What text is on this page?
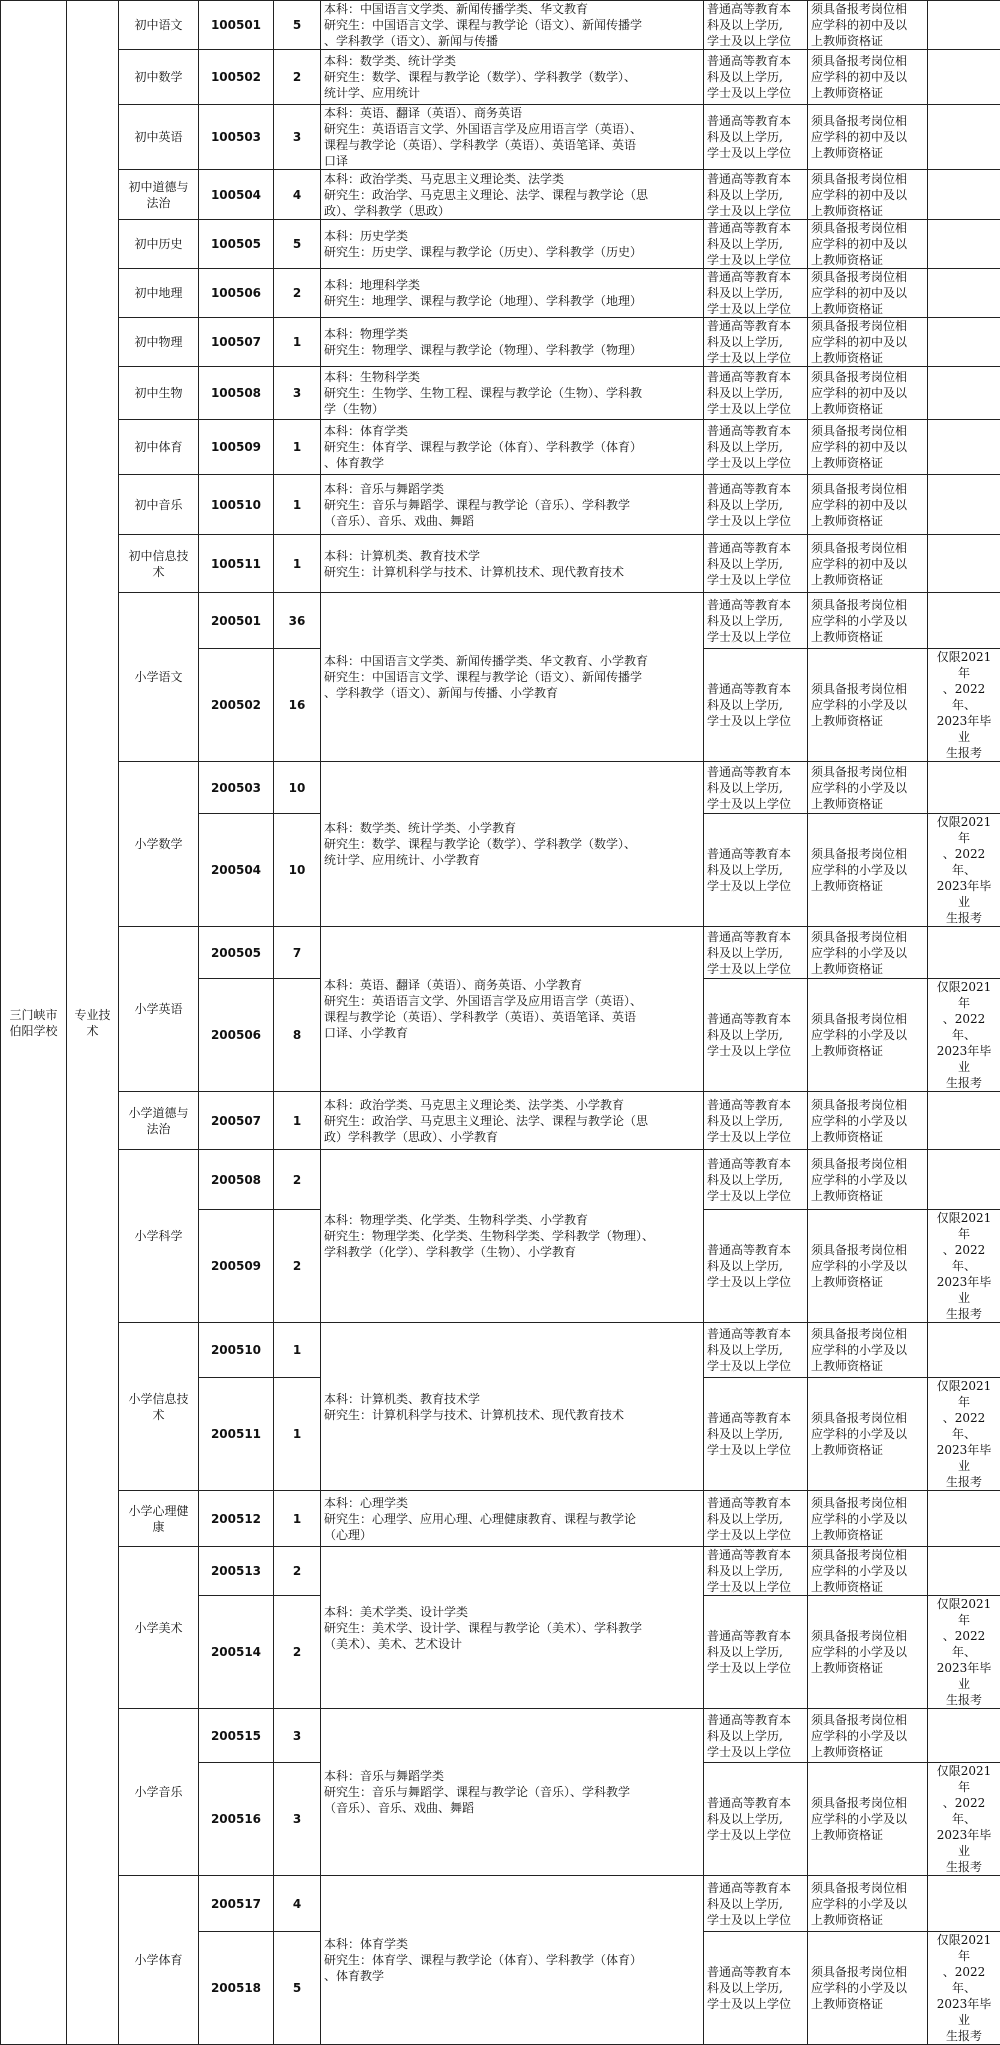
三门峡市
伯阳学校	专业技
术	初中语文	100501	5	本科：中国语言文学类、新闻传播学类、华文教育
研究生：中国语言文学、课程与教学论（语文）、新闻传播学
、学科教学（语文）、新闻与传播	普通高等教育本
科及以上学历,
学士及以上学位	须具备报考岗位相
应学科的初中及以
上教师资格证	
		初中数学	100502	2	本科：数学类、统计学类
研究生：数学、课程与教学论（数学）、学科教学（数学）、
统计学、应用统计	普通高等教育本
科及以上学历,
学士及以上学位	须具备报考岗位相
应学科的初中及以
上教师资格证	
		初中英语	100503	3	本科：英语、翻译（英语）、商务英语
研究生：英语语言文学、外国语言学及应用语言学（英语）、
课程与教学论（英语）、学科教学（英语）、英语笔译、英语
口译	普通高等教育本
科及以上学历,
学士及以上学位	须具备报考岗位相
应学科的初中及以
上教师资格证	
		初中道德与
法治	100504	4	本科：政治学类、马克思主义理论类、法学类
研究生：政治学、马克思主义理论、法学、课程与教学论（思
政）、学科教学（思政）	普通高等教育本
科及以上学历,
学士及以上学位	须具备报考岗位相
应学科的初中及以
上教师资格证	
		初中历史	100505	5	本科：历史学类
研究生：历史学、课程与教学论（历史）、学科教学（历史）	普通高等教育本
科及以上学历,
学士及以上学位	须具备报考岗位相
应学科的初中及以
上教师资格证	
		初中地理	100506	2	本科：地理科学类
研究生：地理学、课程与教学论（地理）、学科教学（地理）	普通高等教育本
科及以上学历,
学士及以上学位	须具备报考岗位相
应学科的初中及以
上教师资格证	
		初中物理	100507	1	本科：物理学类
研究生：物理学、课程与教学论（物理）、学科教学（物理）	普通高等教育本
科及以上学历,
学士及以上学位	须具备报考岗位相
应学科的初中及以
上教师资格证	
		初中生物	100508	3	本科：生物科学类
研究生：生物学、生物工程、课程与教学论（生物）、学科教
学（生物）	普通高等教育本
科及以上学历,
学士及以上学位	须具备报考岗位相
应学科的初中及以
上教师资格证	
		初中体育	100509	1	本科：体育学类
研究生：体育学、课程与教学论（体育）、学科教学（体育）
、体育教学	普通高等教育本
科及以上学历,
学士及以上学位	须具备报考岗位相
应学科的初中及以
上教师资格证	
		初中音乐	100510	1	本科：音乐与舞蹈学类
研究生：音乐与舞蹈学、课程与教学论（音乐）、学科教学
（音乐）、音乐、戏曲、舞蹈	普通高等教育本
科及以上学历,
学士及以上学位	须具备报考岗位相
应学科的初中及以
上教师资格证	
		初中信息技
术	100511	1	本科：计算机类、教育技术学
研究生：计算机科学与技术、计算机技术、现代教育技术	普通高等教育本
科及以上学历,
学士及以上学位	须具备报考岗位相
应学科的初中及以
上教师资格证	
		小学语文	200501	36	本科：中国语言文学类、新闻传播学类、华文教育、小学教育
研究生：中国语言文学、课程与教学论（语文）、新闻传播学
、学科教学（语文）、新闻与传播、小学教育	普通高等教育本
科及以上学历,
学士及以上学位	须具备报考岗位相
应学科的小学及以
上教师资格证	
			200502	16		普通高等教育本
科及以上学历,
学士及以上学位	须具备报考岗位相
应学科的小学及以
上教师资格证	仅限2021年
、2022年、
2023年毕业
生报考
		小学数学	200503	10	本科：数学类、统计学类、小学教育
研究生：数学、课程与教学论（数学）、学科教学（数学）、
统计学、应用统计、小学教育	普通高等教育本
科及以上学历,
学士及以上学位	须具备报考岗位相
应学科的小学及以
上教师资格证	
			200504	10		普通高等教育本
科及以上学历,
学士及以上学位	须具备报考岗位相
应学科的小学及以
上教师资格证	仅限2021年
、2022年、
2023年毕业
生报考
		小学英语	200505	7	本科：英语、翻译（英语）、商务英语、小学教育
研究生：英语语言文学、外国语言学及应用语言学（英语）、
课程与教学论（英语）、学科教学（英语）、英语笔译、英语
口译、小学教育	普通高等教育本
科及以上学历,
学士及以上学位	须具备报考岗位相
应学科的小学及以
上教师资格证	
			200506	8		普通高等教育本
科及以上学历,
学士及以上学位	须具备报考岗位相
应学科的小学及以
上教师资格证	仅限2021年
、2022年、
2023年毕业
生报考
		小学道德与
法治	200507	1	本科：政治学类、马克思主义理论类、法学类、小学教育
研究生：政治学、马克思主义理论、法学、课程与教学论（思
政）学科教学（思政）、小学教育	普通高等教育本
科及以上学历,
学士及以上学位	须具备报考岗位相
应学科的小学及以
上教师资格证	
		小学科学	200508	2	本科：物理学类、化学类、生物科学类、小学教育
研究生：物理学类、化学类、生物科学类、学科教学（物理）、
学科教学（化学）、学科教学（生物）、小学教育	普通高等教育本
科及以上学历,
学士及以上学位	须具备报考岗位相
应学科的小学及以
上教师资格证	
			200509	2		普通高等教育本
科及以上学历,
学士及以上学位	须具备报考岗位相
应学科的小学及以
上教师资格证	仅限2021年
、2022年、
2023年毕业
生报考
		小学信息技
术	200510	1	本科：计算机类、教育技术学
研究生：计算机科学与技术、计算机技术、现代教育技术	普通高等教育本
科及以上学历,
学士及以上学位	须具备报考岗位相
应学科的小学及以
上教师资格证	
			200511	1		普通高等教育本
科及以上学历,
学士及以上学位	须具备报考岗位相
应学科的小学及以
上教师资格证	仅限2021年
、2022年、
2023年毕业
生报考
		小学心理健
康	200512	1	本科：心理学类
研究生：心理学、应用心理、心理健康教育、课程与教学论
（心理）	普通高等教育本
科及以上学历,
学士及以上学位	须具备报考岗位相
应学科的小学及以
上教师资格证	
		小学美术	200513	2	本科：美术学类、设计学类
研究生：美术学、设计学、课程与教学论（美术）、学科教学
（美术）、美术、艺术设计	普通高等教育本
科及以上学历,
学士及以上学位	须具备报考岗位相
应学科的小学及以
上教师资格证	
			200514	2		普通高等教育本
科及以上学历,
学士及以上学位	须具备报考岗位相
应学科的小学及以
上教师资格证	仅限2021年
、2022年、
2023年毕业
生报考
		小学音乐	200515	3	本科：音乐与舞蹈学类
研究生：音乐与舞蹈学、课程与教学论（音乐）、学科教学
（音乐）、音乐、戏曲、舞蹈	普通高等教育本
科及以上学历,
学士及以上学位	须具备报考岗位相
应学科的小学及以
上教师资格证	
			200516	3		普通高等教育本
科及以上学历,
学士及以上学位	须具备报考岗位相
应学科的小学及以
上教师资格证	仅限2021年
、2022年、
2023年毕业
生报考
		小学体育	200517	4	本科：体育学类
研究生：体育学、课程与教学论（体育）、学科教学（体育）
、体育教学	普通高等教育本
科及以上学历,
学士及以上学位	须具备报考岗位相
应学科的小学及以
上教师资格证	
			200518	5		普通高等教育本
科及以上学历,
学士及以上学位	须具备报考岗位相
应学科的小学及以
上教师资格证	仅限2021年
、2022年、
2023年毕业
生报考
